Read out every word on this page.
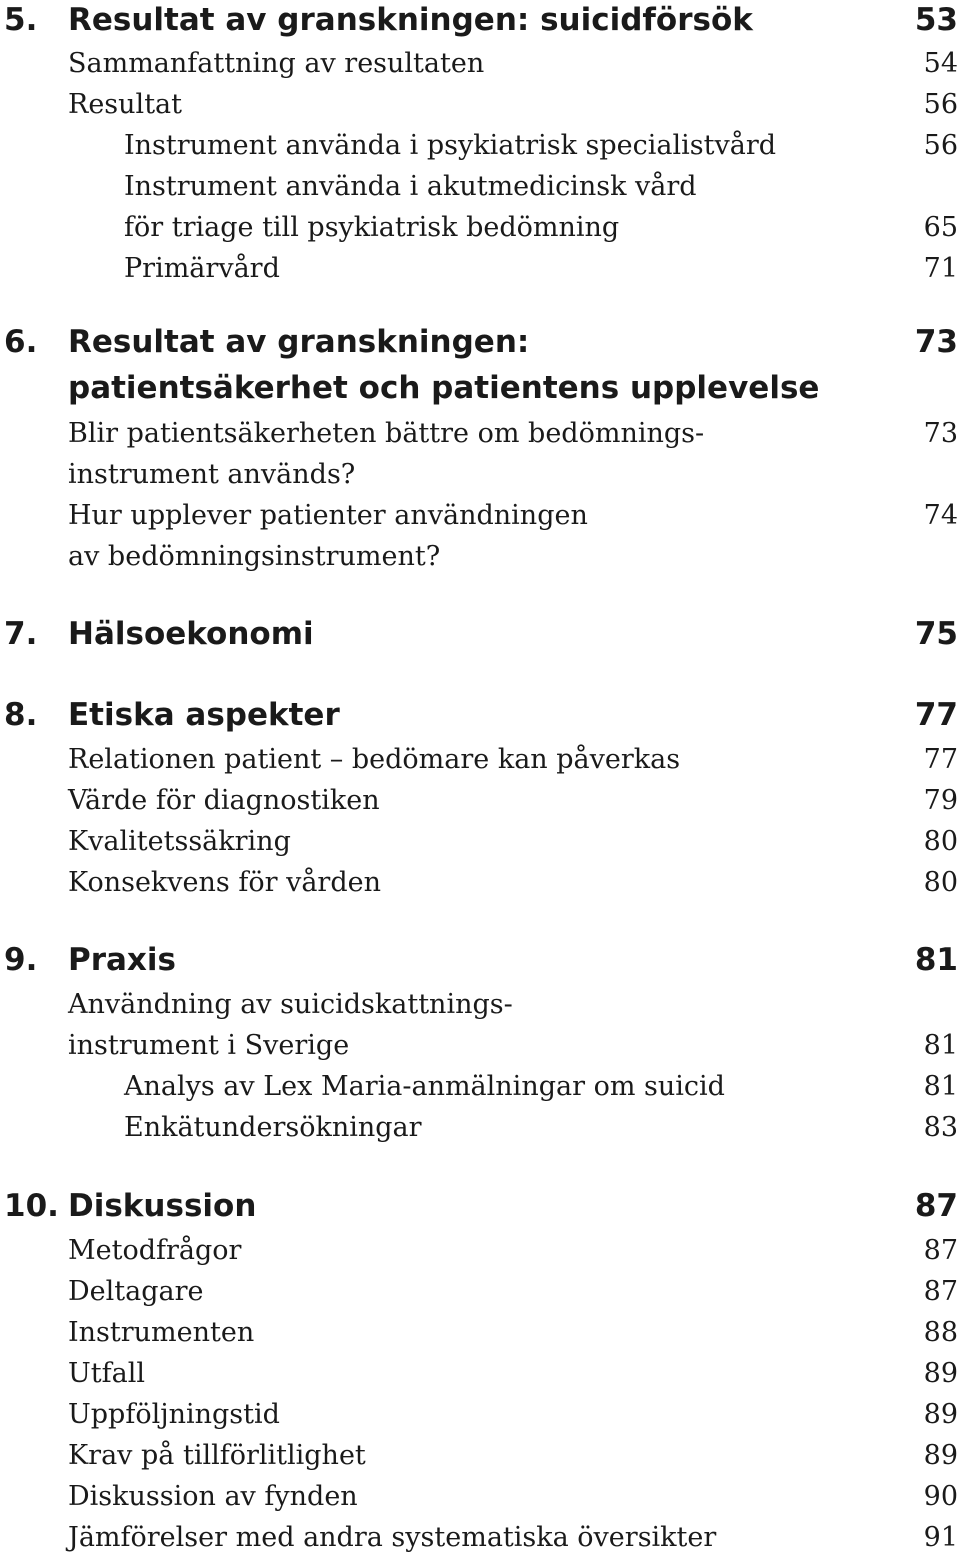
5. Resultat av granskningen: suicidförsök	53
Sammanfattning av resultaten	54
Resultat	56
Instrument använda i psykiatrisk specialistvård	56
Instrument använda i akutmedicinsk vård
för triage till psykiatrisk bedömning	65
Primärvård	71
6. Resultat av granskningen:	73
patientsäkerhet och patientens upplevelse
Blir patientsäkerheten bättre om bedömnings-	73
instrument används?
Hur upplever patienter användningen	74
av bedömningsinstrument?
7. Hälsoekonomi	75
8. Etiska aspekter	77
Relationen patient – bedömare kan påverkas	77
Värde för diagnostiken	79
Kvalitetssäkring	80
Konsekvens för vården	80
9. Praxis	81
Användning av suicidskattnings-
instrument i Sverige	81
Analys av Lex Maria-anmälningar om suicid	81
Enkätundersökningar	83
10. Diskussion	87
Metodfrågor	87
Deltagare	87
Instrumenten	88
Utfall	89
Uppföljningstid	89
Krav på tillförlitlighet	89
Diskussion av fynden	90
Jämförelser med andra systematiska översikter	91
